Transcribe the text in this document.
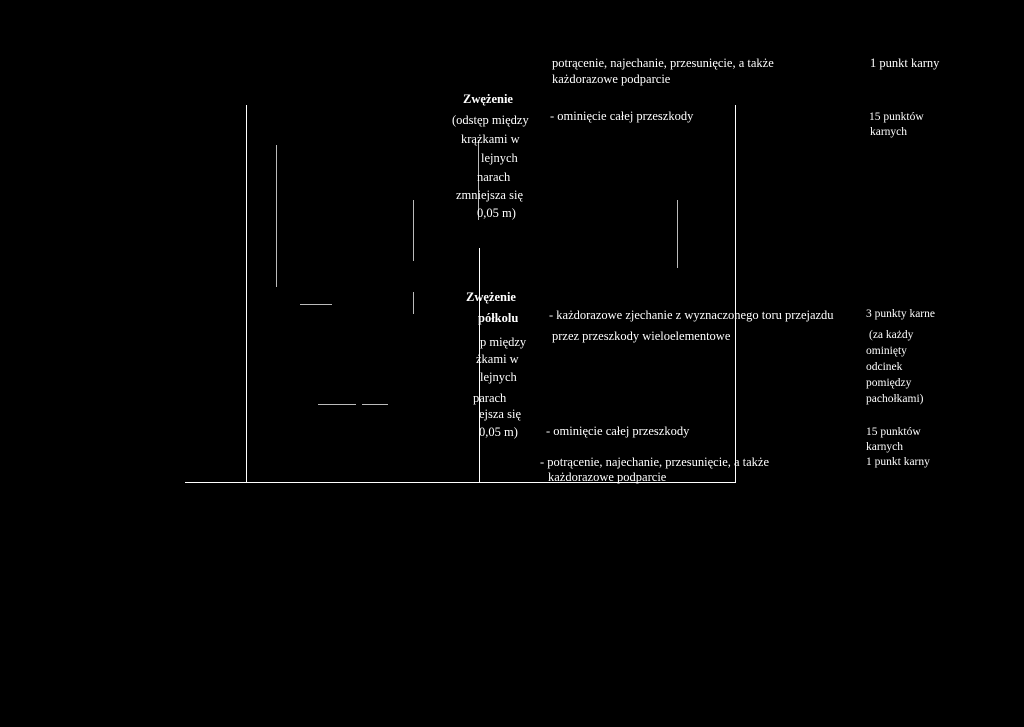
potrącenie, najechanie, przesunięcie, a także
każdorazowe podparcie
1 punkt karny
Zwężenie
(odstęp między
krążkami w
lejnych
narach
zmniejsza się
0,05 m)
- ominięcie całej przeszkody	15 punktów
karnych
Zwężenie
półkolu
p między
żkami w
lejnych
parach
ejsza się
0,05 m)
- każdorazowe zjechanie z wyznaczonego toru przejazdu
przez przeszkody wieloelementowe
3 punkty karne
(za każdy
ominięty
odcinek
pomiędzy
pachołkami)
- ominięcie całej przeszkody	15 punktów
karnych
- potrącenie, najechanie, przesunięcie, a także
każdorazowe podparcie
1 punkt karny
